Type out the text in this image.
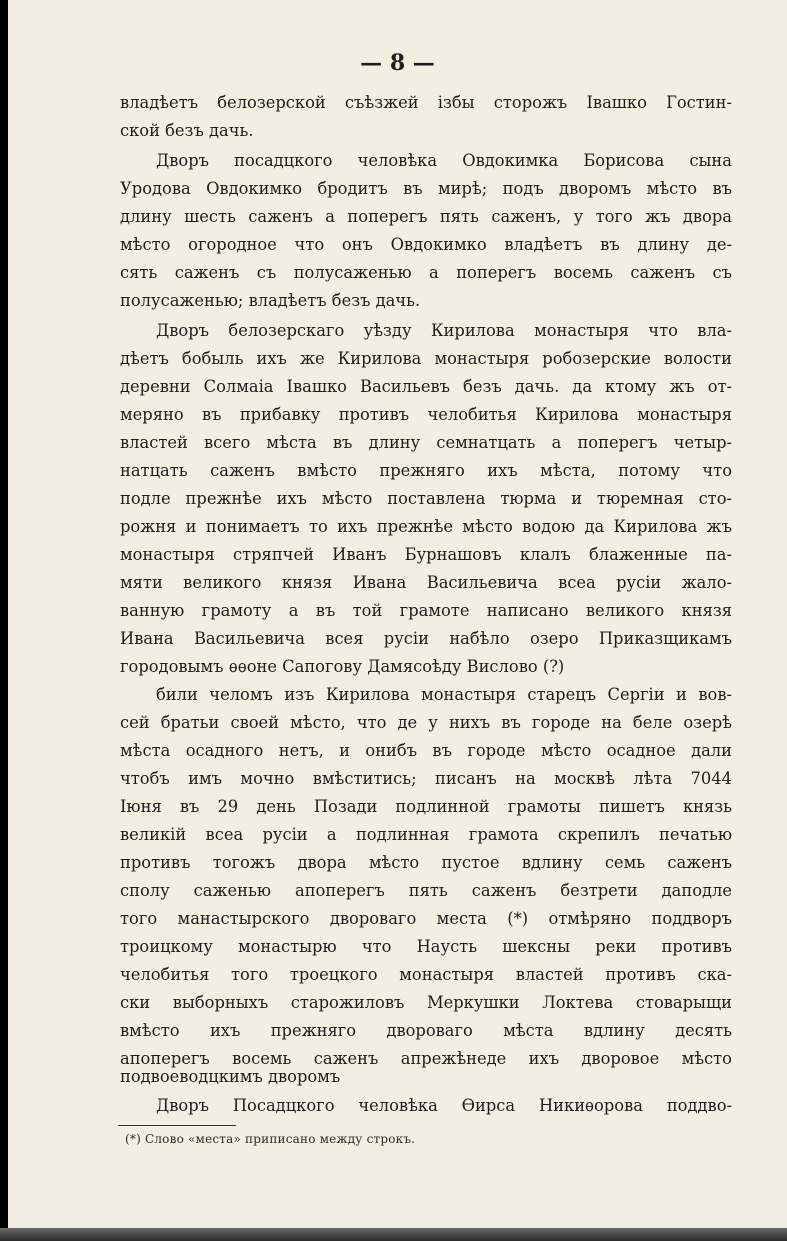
— 8 —
владѣетъ белозерской съѣзжей iзбы сторожъ Iвашко Гостин-
ской безъ дачь.
Дворъ посадцкого человѣка Овдокимка Борисова сына
Уродова Овдокимко бродитъ въ мирѣ; подъ дворомъ мѣсто въ
длину шесть саженъ а поперегъ пять саженъ, у того жъ двора
мѣсто огородное что онъ Овдокимко владѣетъ въ длину де-
сять саженъ съ полусаженью а поперегъ восемь саженъ съ
полусаженью; владѣетъ безъ дачь.
Дворъ белозерскаго уѣзду Кирилова монастыря что вла-
дѣетъ бобыль ихъ же Кирилова монастыря робозерские волости
деревни Солмаiа Iвашко Васильевъ безъ дачь. да ктому жъ от-
меряно въ прибавку противъ челобитья Кирилова монастыря
властей всего мѣста въ длину семнатцать а поперегъ четыр-
натцать саженъ вмѣсто прежняго ихъ мѣста, потому что
подле прежнѣе ихъ мѣсто поставлена тюрма и тюремная сто-
рожня и понимаетъ то ихъ прежнѣе мѣсто водою да Кирилова жъ
монастыря стряпчей Иванъ Бурнашовъ клалъ блаженные па-
мяти великого князя Ивана Васильевича всеа русiи жало-
ванную грамоту а въ той грамоте написано великого князя
Ивана Васильевича всея русiи набѣло озеро Приказщикамъ
городовымъ ѳѳоне Сапогову Дамясоѣду Вислово (?)
били челомъ изъ Кирилова монастыря старецъ Сергiи и вов-
сей братьи своей мѣсто, что де у нихъ въ городе на беле озерѣ
мѣста осадного нетъ, и онибъ въ городе мѣсто осадное дали
чтобъ имъ мочно вмѣститись; писанъ на москвѣ лѣта 7044
Iюня въ 29 день Позади подлинной грамоты пишетъ князь
великiй всеа русiи а подлинная грамота скрепилъ печатью
противъ тогожъ двора мѣсто пустое вдлину семь саженъ
сполу саженью апоперегъ пять саженъ безтрети даподле
того манастырского двороваго места (*) отмѣряно поддворъ
троицкому монастырю что Наусть шексны реки противъ
челобитья того троецкого монастыря властей противъ ска-
ски выборныхъ старожиловъ Меркушки Локтева стоварыщи
вмѣсто ихъ прежняго двороваго мѣста вдлину десять
апоперегъ восемь саженъ апрежѣнеде ихъ дворовое мѣсто
подвоеводцкимъ дворомъ
Дворъ Посадцкого человѣка Ѳирса Никиѳорова поддво-
(*) Слово «места» приписано между строкъ.
